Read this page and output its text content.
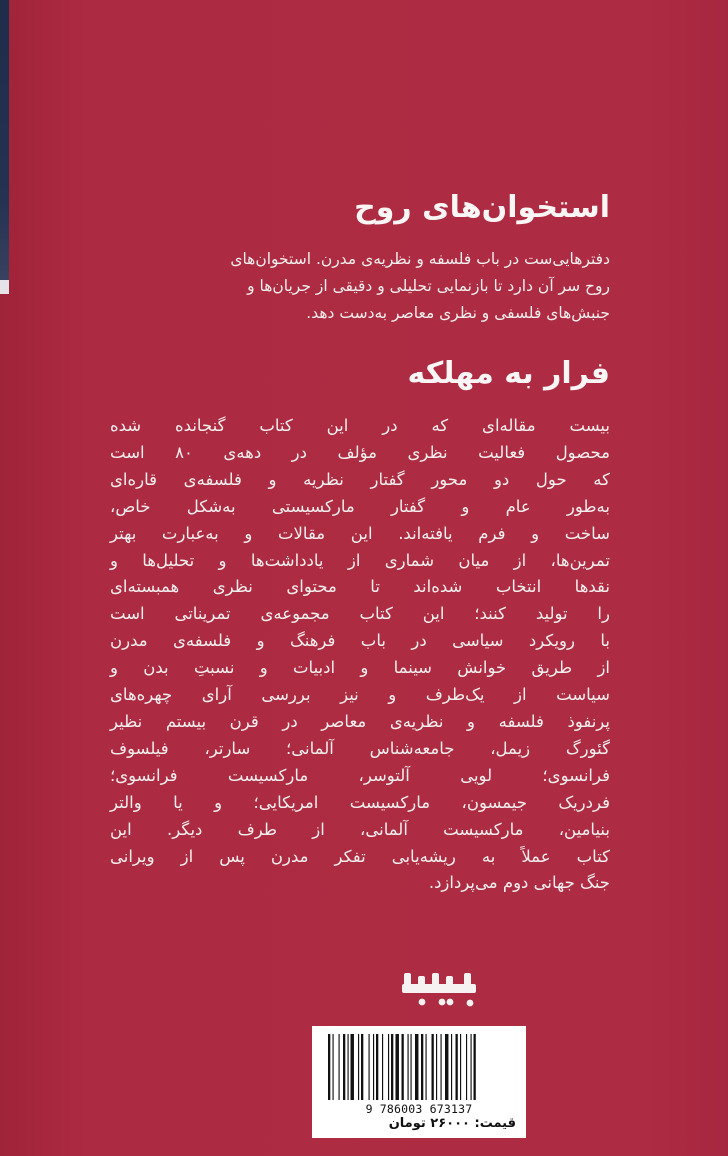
استخوان‌های روح
دفترهایی‌ست در باب فلسفه و نظریه‌ی مدرن. استخوان‌های
روح سر آن دارد تا بازنمایی تحلیلی و دقیقی از جریان‌ها و
جنبش‌های فلسفی و نظری معاصر به‌دست دهد.
فرار به مهلکه
بیست مقاله‌ای که در این کتاب گنجانده شده
محصول فعالیت نظری مؤلف در دهه‌ی ۸۰ است
که حول دو محور گفتار نظریه و فلسفه‌ی قاره‌ای
به‌طور عام و گفتار مارکسیستی به‌شکل خاص،
ساخت و فرم یافته‌اند. این مقالات و به‌عبارت بهتر
تمرین‌ها، از میان شماری از یادداشت‌ها و تحلیل‌ها و
نقدها انتخاب شده‌اند تا محتوای نظری همبسته‌ای
را تولید کنند؛ این کتاب مجموعه‌ی تمریناتی است
با رویکرد سیاسی در باب فرهنگ و فلسفه‌ی مدرن
از طریق خوانش سینما و ادبیات و نسبتِ بدن و
سیاست از یک‌طرف و نیز بررسی آرای چهره‌های
پرنفوذ فلسفه و نظریه‌ی معاصر در قرن بیستم نظیر
گئورگ زیمل، جامعه‌شناس آلمانی؛ سارتر، فیلسوف
فرانسوی؛ لویی آلتوسر، مارکسیست فرانسوی؛
فردریک جیمسون، مارکسیست امریکایی؛ و یا والتر
بنیامین، مارکسیست آلمانی، از طرف دیگر. این
کتاب عملاً به ریشه‌یابی تفکر مدرن پس از ویرانی
جنگ جهانی دوم می‌پردازد.
9 786003 673137
قیمت: ۲۶۰۰۰ تومان
